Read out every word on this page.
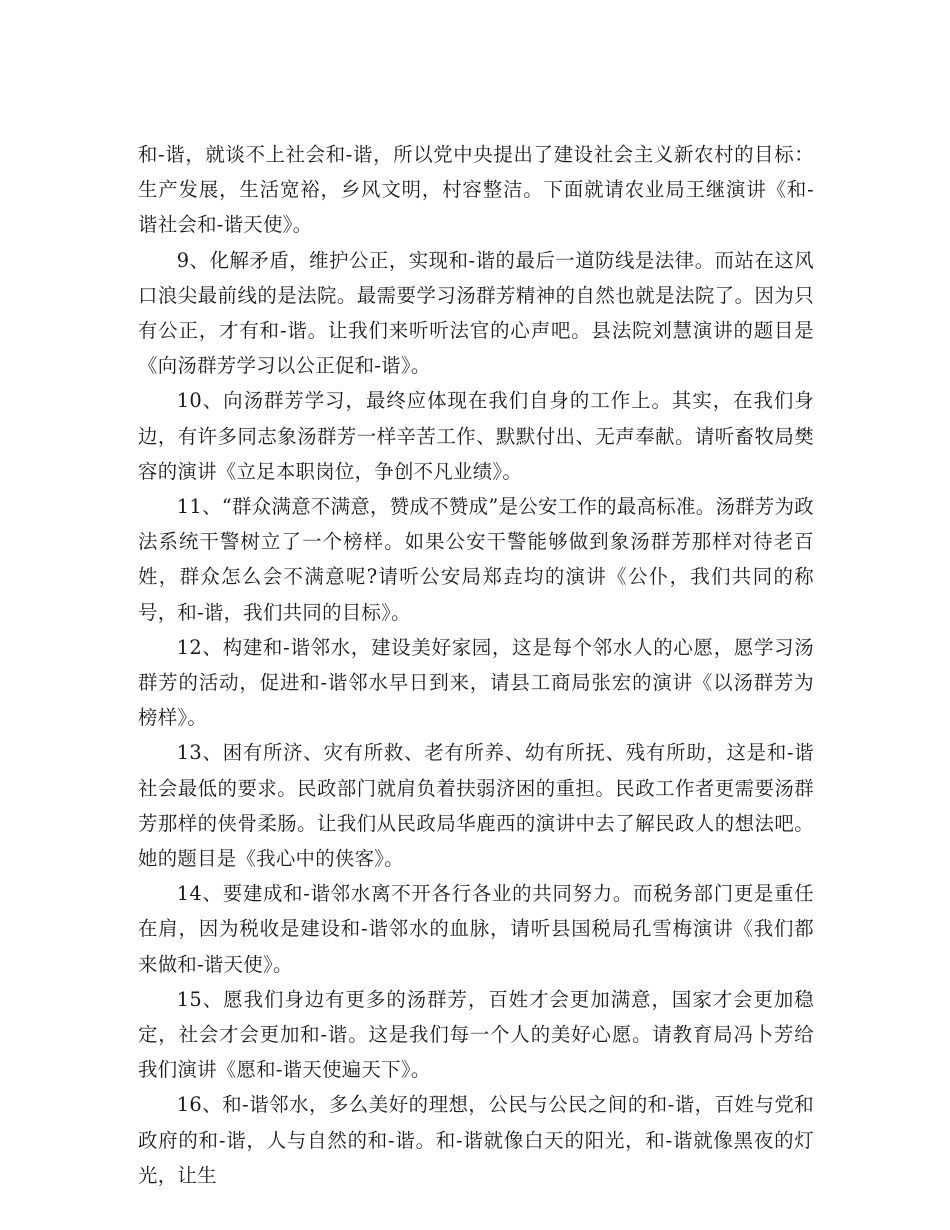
和-谐，就谈不上社会和-谐，所以党中央提出了建设社会主义新农村的目标：生产发展，生活宽裕，乡风文明，村容整洁。下面就请农业局王继演讲《和-谐社会和-谐天使》。

9、化解矛盾，维护公正，实现和-谐的最后一道防线是法律。而站在这风口浪尖最前线的是法院。最需要学习汤群芳精神的自然也就是法院了。因为只有公正，才有和-谐。让我们来听听法官的心声吧。县法院刘慧演讲的题目是《向汤群芳学习以公正促和-谐》。

10、向汤群芳学习，最终应体现在我们自身的工作上。其实，在我们身边，有许多同志象汤群芳一样辛苦工作、默默付出、无声奉献。请听畜牧局樊容的演讲《立足本职岗位，争创不凡业绩》。

11、“群众满意不满意，赞成不赞成”是公安工作的最高标准。汤群芳为政法系统干警树立了一个榜样。如果公安干警能够做到象汤群芳那样对待老百姓，群众怎么会不满意呢?请听公安局郑垚均的演讲《公仆，我们共同的称号，和-谐，我们共同的目标》。

12、构建和-谐邻水，建设美好家园，这是每个邻水人的心愿，愿学习汤群芳的活动，促进和-谐邻水早日到来，请县工商局张宏的演讲《以汤群芳为榜样》。

13、困有所济、灾有所救、老有所养、幼有所抚、残有所助，这是和-谐社会最低的要求。民政部门就肩负着扶弱济困的重担。民政工作者更需要汤群芳那样的侠骨柔肠。让我们从民政局华鹿西的演讲中去了解民政人的想法吧。她的题目是《我心中的侠客》。

14、要建成和-谐邻水离不开各行各业的共同努力。而税务部门更是重任在肩，因为税收是建设和-谐邻水的血脉，请听县国税局孔雪梅演讲《我们都来做和-谐天使》。

15、愿我们身边有更多的汤群芳，百姓才会更加满意，国家才会更加稳定，社会才会更加和-谐。这是我们每一个人的美好心愿。请教育局冯卜芳给我们演讲《愿和-谐天使遍天下》。

16、和-谐邻水，多么美好的理想，公民与公民之间的和-谐，百姓与党和政府的和-谐，人与自然的和-谐。和-谐就像白天的阳光，和-谐就像黑夜的灯光，让生
